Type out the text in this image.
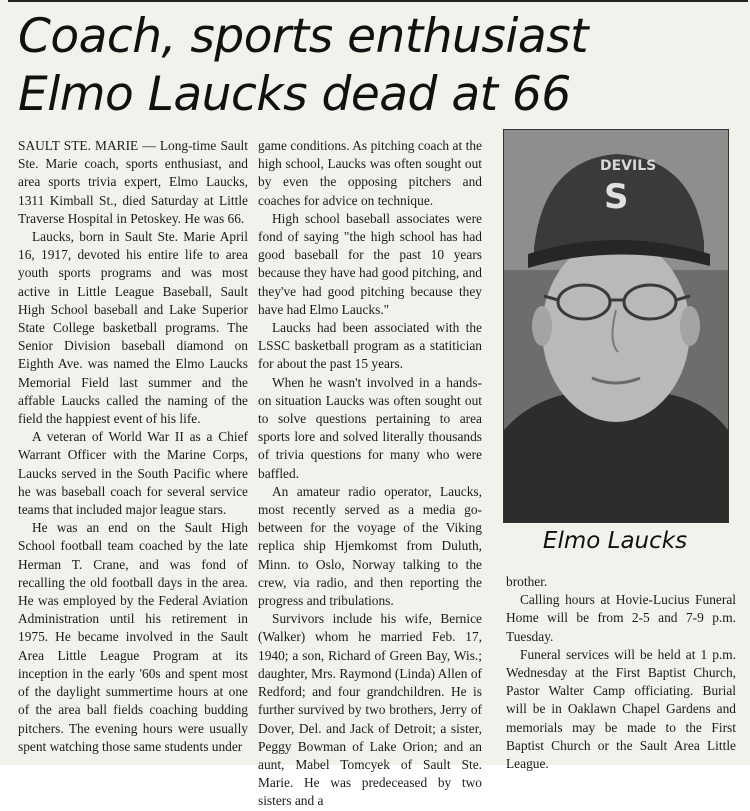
Coach, sports enthusiast
Elmo Laucks dead at 66

SAULT STE. MARIE — Long-time Sault Ste. Marie coach, sports enthusiast, and area sports trivia expert, Elmo Laucks, 1311 Kimball St., died Saturday at Little Traverse Hospital in Petoskey. He was 66.

Laucks, born in Sault Ste. Marie April 16, 1917, devoted his entire life to area youth sports programs and was most active in Little League Baseball, Sault High School baseball and Lake Superior State College basketball programs. The Senior Division baseball diamond on Eighth Ave. was named the Elmo Laucks Memorial Field last summer and the affable Laucks called the naming of the field the happiest event of his life.

A veteran of World War II as a Chief Warrant Officer with the Marine Corps, Laucks served in the South Pacific where he was baseball coach for several service teams that included major league stars.

He was an end on the Sault High School football team coached by the late Herman T. Crane, and was fond of recalling the old football days in the area. He was employed by the Federal Aviation Administration until his retirement in 1975. He became involved in the Sault Area Little League Program at its inception in the early '60s and spent most of the daylight summertime hours at one of the area ball fields coaching budding pitchers. The evening hours were usually spent watching those same students under

game conditions. As pitching coach at the high school, Laucks was often sought out by even the opposing pitchers and coaches for advice on technique.

High school baseball associates were fond of saying "the high school has had good baseball for the past 10 years because they have had good pitching, and they've had good pitching because they have had Elmo Laucks."

Laucks had been associated with the LSSC basketball program as a statitician for about the past 15 years.

When he wasn't involved in a hands-on situation Laucks was often sought out to solve questions pertaining to area sports lore and solved literally thousands of trivia questions for many who were baffled.

An amateur radio operator, Laucks, most recently served as a media go-between for the voyage of the Viking replica ship Hjemkomst from Duluth, Minn. to Oslo, Norway talking to the crew, via radio, and then reporting the progress and tribulations.

Survivors include his wife, Bernice (Walker) whom he married Feb. 17, 1940; a son, Richard of Green Bay, Wis.; daughter, Mrs. Raymond (Linda) Allen of Redford; and four grandchildren. He is further survived by two brothers, Jerry of Dover, Del. and Jack of Detroit; a sister, Peggy Bowman of Lake Orion; and an aunt, Mabel Tomcyek of Sault Ste. Marie. He was predeceased by two sisters and a

DEVILS
S
Elmo Laucks

brother.

Calling hours at Hovie-Lucius Funeral Home will be from 2-5 and 7-9 p.m. Tuesday.

Funeral services will be held at 1 p.m. Wednesday at the First Baptist Church, Pastor Walter Camp officiating. Burial will be in Oaklawn Chapel Gardens and memorials may be made to the First Baptist Church or the Sault Area Little League.
